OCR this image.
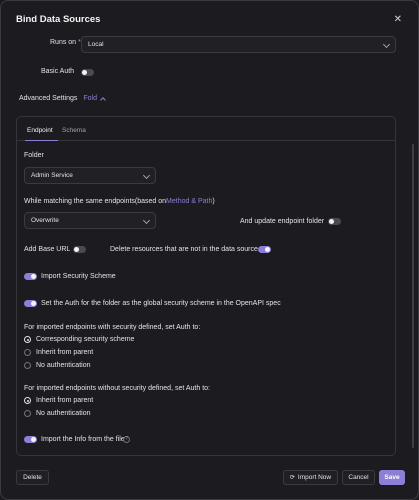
Bind Data Sources	✕
Runs on * Local
Basic Auth
Advanced Settings Fold
Endpoint Schema
Folder
Admin Service
While matching the same endpoints(based on Method & Path )
Overwrite	And update endpoint folder
Add Base URL	Delete resources that are not in the data source
Import Security Scheme
Set the Auth for the folder as the global security scheme in the OpenAPI spec
For imported endpoints with security defined, set Auth to:
Corresponding security scheme
Inherit from parent
No authentication
For imported endpoints without security defined, set Auth to:
Inherit from parent
No authentication
Import the Info from the file ?
Delete	⟳ Import Now	Cancel	Save
